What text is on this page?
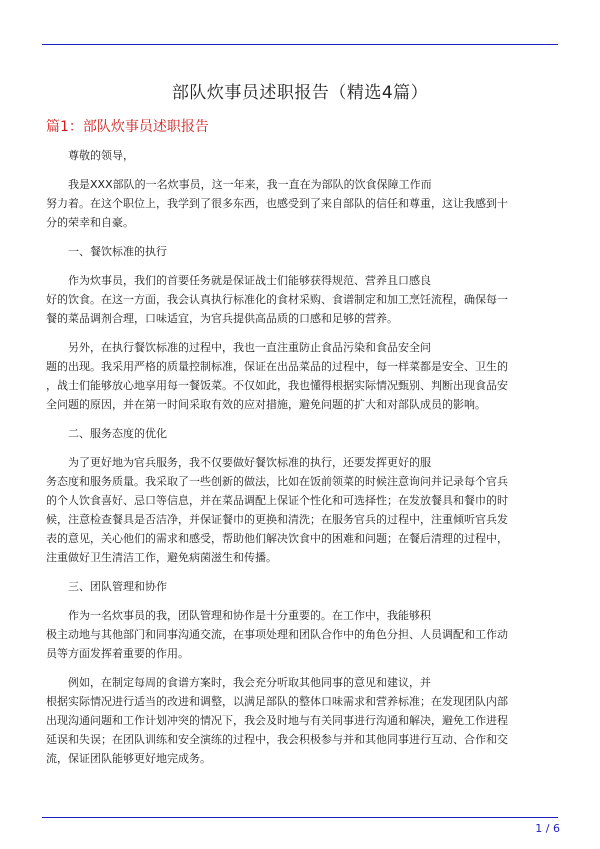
部队炊事员述职报告（精选4篇）
篇1：部队炊事员述职报告
尊敬的领导，
我是XXX部队的一名炊事员，这一年来，我一直在为部队的饮食保障工作而
努力着。在这个职位上，我学到了很多东西，也感受到了来自部队的信任和尊重，这让我感到十
分的荣幸和自豪。
一、餐饮标准的执行
作为炊事员，我们的首要任务就是保证战士们能够获得规范、营养且口感良
好的饮食。在这一方面，我会认真执行标准化的食材采购、食谱制定和加工烹饪流程，确保每一
餐的菜品调剂合理，口味适宜，为官兵提供高品质的口感和足够的营养。
另外，在执行餐饮标准的过程中，我也一直注重防止食品污染和食品安全问
题的出现。我采用严格的质量控制标准，保证在出品菜品的过程中，每一样菜都是安全、卫生的
，战士们能够放心地享用每一餐饭菜。不仅如此，我也懂得根据实际情况甄别、判断出现食品安
全问题的原因，并在第一时间采取有效的应对措施，避免问题的扩大和对部队成员的影响。
二、服务态度的优化
为了更好地为官兵服务，我不仅要做好餐饮标准的执行，还要发挥更好的服
务态度和服务质量。我采取了一些创新的做法，比如在饭前领菜的时候注意询问并记录每个官兵
的个人饮食喜好、忌口等信息，并在菜品调配上保证个性化和可选择性；在发放餐具和餐巾的时
候，注意检查餐具是否洁净，并保证餐巾的更换和清洗；在服务官兵的过程中，注重倾听官兵发
表的意见，关心他们的需求和感受，帮助他们解决饮食中的困难和问题；在餐后清理的过程中，
注重做好卫生清洁工作，避免病菌滋生和传播。
三、团队管理和协作
作为一名炊事员的我，团队管理和协作是十分重要的。在工作中，我能够积
极主动地与其他部门和同事沟通交流，在事项处理和团队合作中的角色分担、人员调配和工作动
员等方面发挥着重要的作用。
例如，在制定每周的食谱方案时，我会充分听取其他同事的意见和建议，并
根据实际情况进行适当的改进和调整，以满足部队的整体口味需求和营养标准；在发现团队内部
出现沟通问题和工作计划冲突的情况下，我会及时地与有关同事进行沟通和解决，避免工作进程
延误和失误；在团队训练和安全演练的过程中，我会积极参与并和其他同事进行互动、合作和交
流，保证团队能够更好地完成务。
1 / 6
